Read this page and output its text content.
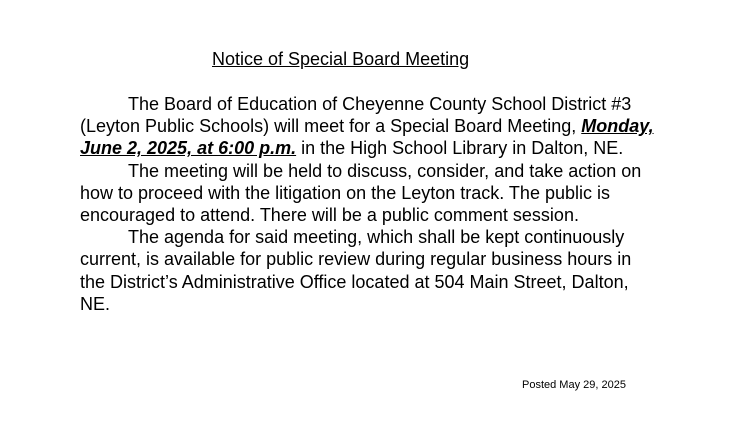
Notice of Special Board Meeting

The Board of Education of Cheyenne County School District #3 (Leyton Public Schools) will meet for a Special Board Meeting, Monday, June 2, 2025, at 6:00 p.m. in the High School Library in Dalton, NE.

The meeting will be held to discuss, consider, and take action on how to proceed with the litigation on the Leyton track. The public is encouraged to attend. There will be a public comment session.

The agenda for said meeting, which shall be kept continuously current, is available for public review during regular business hours in the District’s Administrative Office located at 504 Main Street, Dalton, NE.

Posted May 29, 2025
